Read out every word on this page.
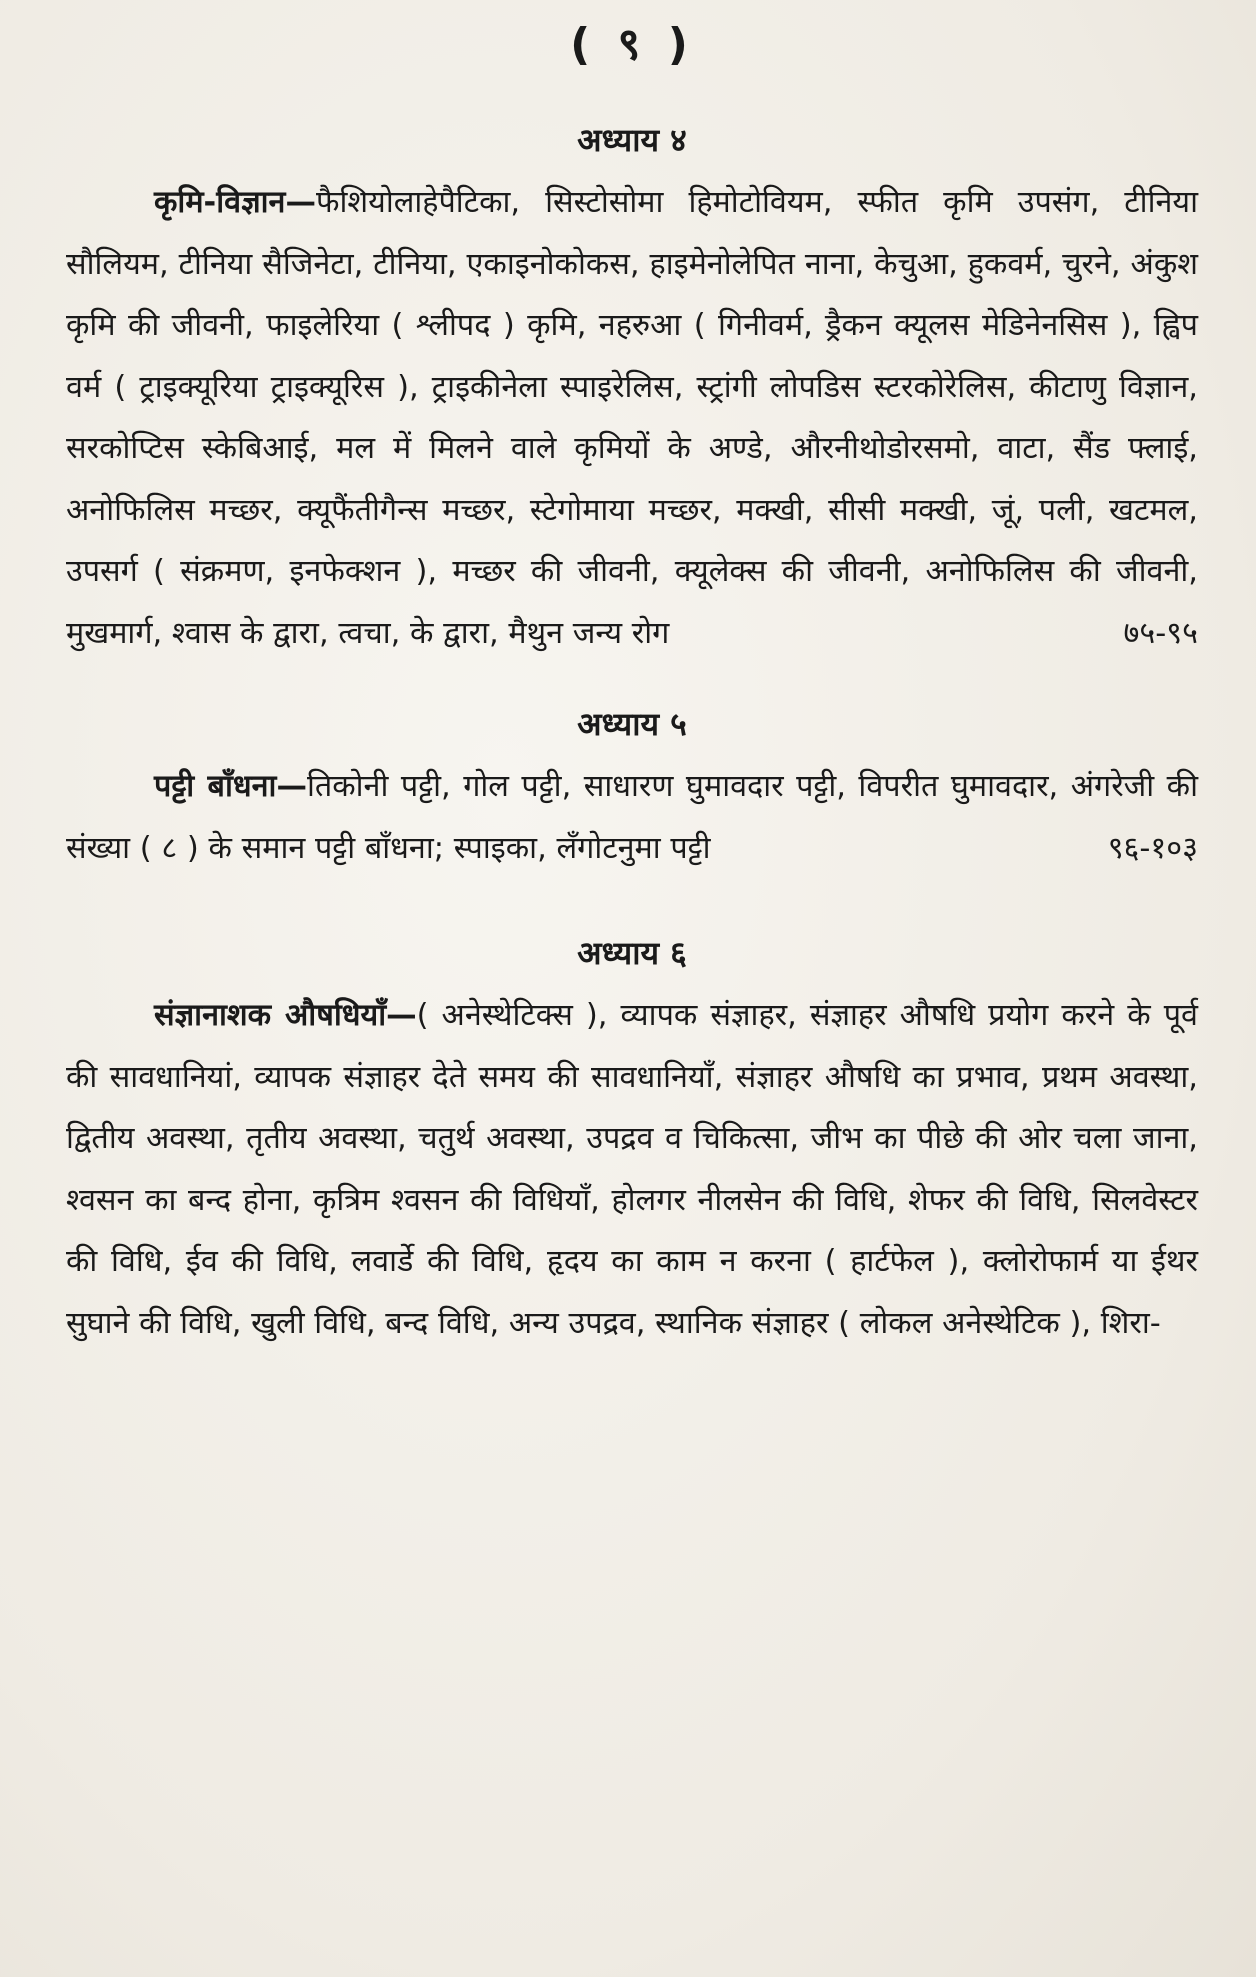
( ९ )
अध्याय ४

कृमि-विज्ञान—फैशियोलाहेपैटिका, सिस्टोसोमा हिमोटोवियम, स्फीत कृमि उपसंग, टीनिया सौलियम, टीनिया सैजिनेटा, टीनिया, एकाइनोकोकस, हाइमेनोलेपित नाना, केचुआ, हुकवर्म, चुरने, अंकुश कृमि की जीवनी, फाइलेरिया ( श्लीपद ) कृमि, नहरुआ ( गिनीवर्म, ड्रैकन क्यूलस मेडिनेनसिस ), ह्विप वर्म ( ट्राइक्यूरिया ट्राइक्यूरिस ), ट्राइकीनेला स्पाइरेलिस, स्ट्रांगी लोपडिस स्टरकोरेलिस, कीटाणु विज्ञान, सरकोप्टिस स्केबिआई, मल में मिलने वाले कृमियों के अण्डे, औरनीथोडोरसमो, वाटा, सैंड फ्लाई, अनोफिलिस मच्छर, क्यूफैंतीगैन्स मच्छर, स्टेगोमाया मच्छर, मक्खी, सीसी मक्खी, जूं, पली, खटमल, उपसर्ग ( संक्रमण, इनफेक्शन ), मच्छर की जीवनी, क्यूलेक्स की जीवनी, अनोफिलिस की जीवनी, मुखमार्ग, श्वास के द्वारा, त्वचा, के द्वारा, मैथुन जन्य रोग	७५-९५
अध्याय ५

पट्टी बाँधना—तिकोनी पट्टी, गोल पट्टी, साधारण घुमावदार पट्टी, विपरीत घुमावदार, अंगरेजी की संख्या ( ८ ) के समान पट्टी बाँधना; स्पाइका, लँगोटनुमा पट्टी	९६-१०३
अध्याय ६

संज्ञानाशक औषधियाँ—( अनेस्थेटिक्स ), व्यापक संज्ञाहर, संज्ञाहर औषधि प्रयोग करने के पूर्व की सावधानियां, व्यापक संज्ञाहर देते समय की सावधानियाँ, संज्ञाहर औषधि का प्रभाव, प्रथम अवस्था, द्वितीय अवस्था, तृतीय अवस्था, चतुर्थ अवस्था, उपद्रव व चिकित्सा, जीभ का पीछे की ओर चला जाना, श्वसन का बन्द होना, कृत्रिम श्वसन की विधियाँ, होलगर नीलसेन की विधि, शेफर की विधि, सिलवेस्टर की विधि, ईव की विधि, लवार्डे की विधि, हृदय का काम न करना ( हार्टफेल ), क्लोरोफार्म या ईथर सुघाने की विधि, खुली विधि, बन्द विधि, अन्य उपद्रव, स्थानिक संज्ञाहर ( लोकल अनेस्थेटिक ), शिरा-
